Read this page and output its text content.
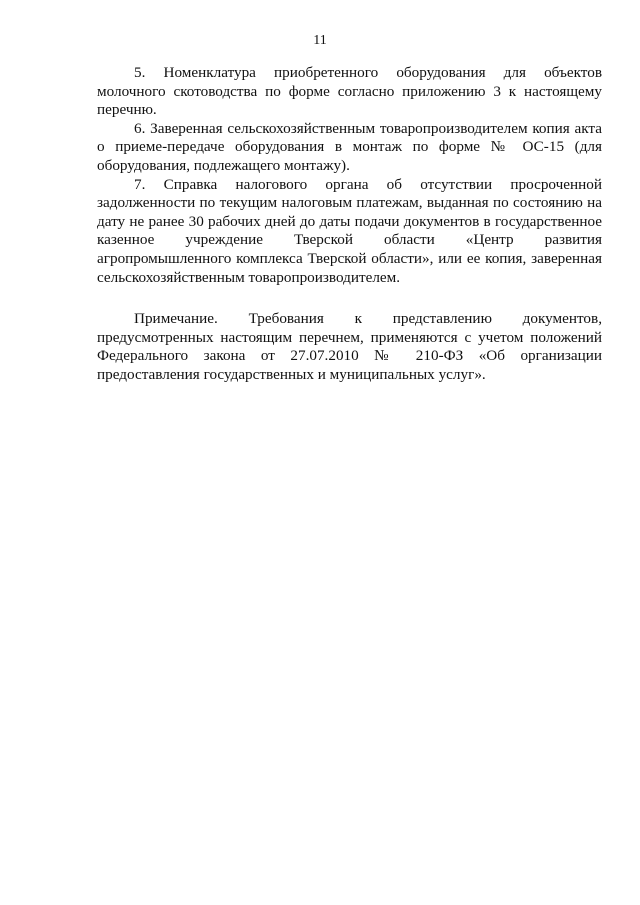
11

5. Номенклатура приобретенного оборудования для объектов молочного скотоводства по форме согласно приложению 3 к настоящему перечню.

6. Заверенная сельскохозяйственным товаропроизводителем копия акта о приеме-передаче оборудования в монтаж по форме № ОС-15 (для оборудования, подлежащего монтажу).

7. Справка налогового органа об отсутствии просроченной задолженности по текущим налоговым платежам, выданная по состоянию на дату не ранее 30 рабочих дней до даты подачи документов в государственное казенное учреждение Тверской области «Центр развития агропромышленного комплекса Тверской области», или ее копия, заверенная сельскохозяйственным товаропроизводителем.

Примечание. Требования к представлению документов, предусмотренных настоящим перечнем, применяются с учетом положений Федерального закона от 27.07.2010 № 210-ФЗ «Об организации предоставления государственных и муниципальных услуг».
